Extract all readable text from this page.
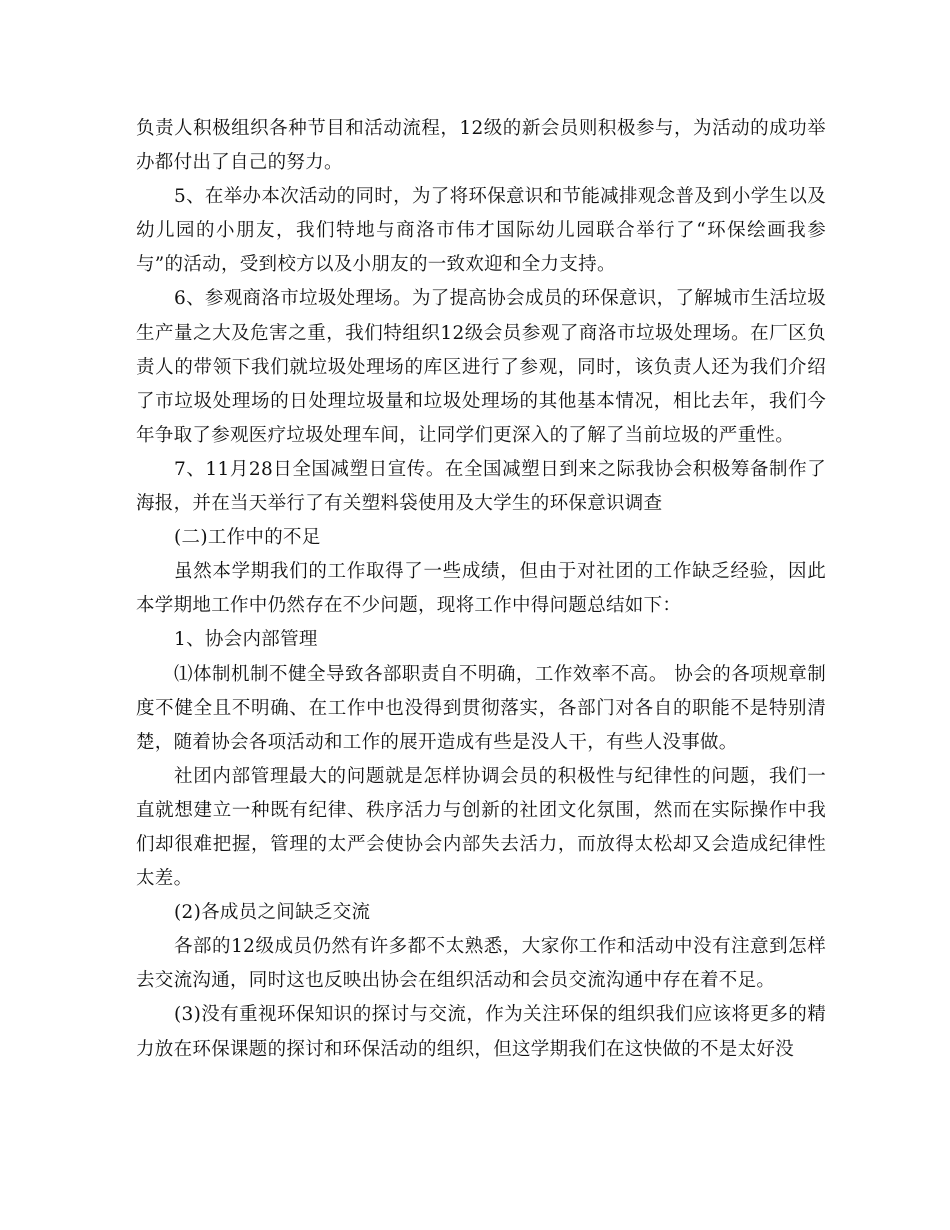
负责人积极组织各种节目和活动流程，12级的新会员则积极参与，为活动的成功举办都付出了自己的努力。

5、在举办本次活动的同时，为了将环保意识和节能减排观念普及到小学生以及幼儿园的小朋友，我们特地与商洛市伟才国际幼儿园联合举行了“环保绘画我参与”的活动，受到校方以及小朋友的一致欢迎和全力支持。

6、参观商洛市垃圾处理场。为了提高协会成员的环保意识，了解城市生活垃圾生产量之大及危害之重，我们特组织12级会员参观了商洛市垃圾处理场。在厂区负责人的带领下我们就垃圾处理场的库区进行了参观，同时，该负责人还为我们介绍了市垃圾处理场的日处理垃圾量和垃圾处理场的其他基本情况，相比去年，我们今年争取了参观医疗垃圾处理车间，让同学们更深入的了解了当前垃圾的严重性。

7、11月28日全国减塑日宣传。在全国减塑日到来之际我协会积极筹备制作了海报，并在当天举行了有关塑料袋使用及大学生的环保意识调查

(二)工作中的不足

虽然本学期我们的工作取得了一些成绩，但由于对社团的工作缺乏经验，因此本学期地工作中仍然存在不少问题，现将工作中得问题总结如下：

1、协会内部管理

⑴体制机制不健全导致各部职责自不明确，工作效率不高。 协会的各项规章制度不健全且不明确、在工作中也没得到贯彻落实，各部门对各自的职能不是特别清楚，随着协会各项活动和工作的展开造成有些是没人干，有些人没事做。

社团内部管理最大的问题就是怎样协调会员的积极性与纪律性的问题，我们一直就想建立一种既有纪律、秩序活力与创新的社团文化氛围，然而在实际操作中我们却很难把握，管理的太严会使协会内部失去活力，而放得太松却又会造成纪律性太差。

(2)各成员之间缺乏交流

各部的12级成员仍然有许多都不太熟悉，大家你工作和活动中没有注意到怎样去交流沟通，同时这也反映出协会在组织活动和会员交流沟通中存在着不足。

(3)没有重视环保知识的探讨与交流，作为关注环保的组织我们应该将更多的精力放在环保课题的探讨和环保活动的组织，但这学期我们在这快做的不是太好没
